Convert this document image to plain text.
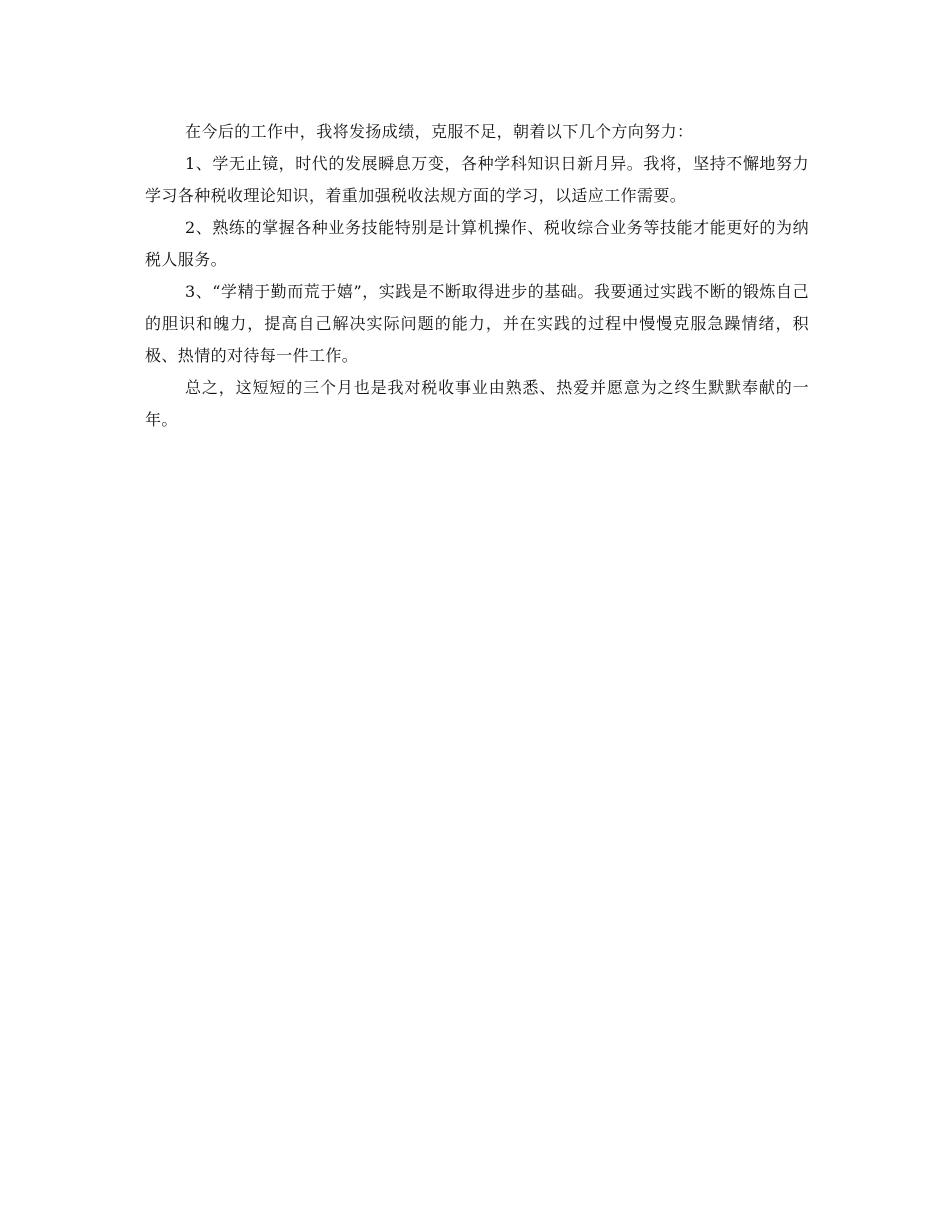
在今后的工作中，我将发扬成绩，克服不足，朝着以下几个方向努力：

1、学无止镜，时代的发展瞬息万变，各种学科知识日新月异。我将，坚持不懈地努力学习各种税收理论知识，着重加强税收法规方面的学习，以适应工作需要。

2、熟练的掌握各种业务技能特别是计算机操作、税收综合业务等技能才能更好的为纳税人服务。

3、“学精于勤而荒于嬉”，实践是不断取得进步的基础。我要通过实践不断的锻炼自己的胆识和魄力，提高自己解决实际问题的能力，并在实践的过程中慢慢克服急躁情绪，积极、热情的对待每一件工作。

总之，这短短的三个月也是我对税收事业由熟悉、热爱并愿意为之终生默默奉献的一年。
